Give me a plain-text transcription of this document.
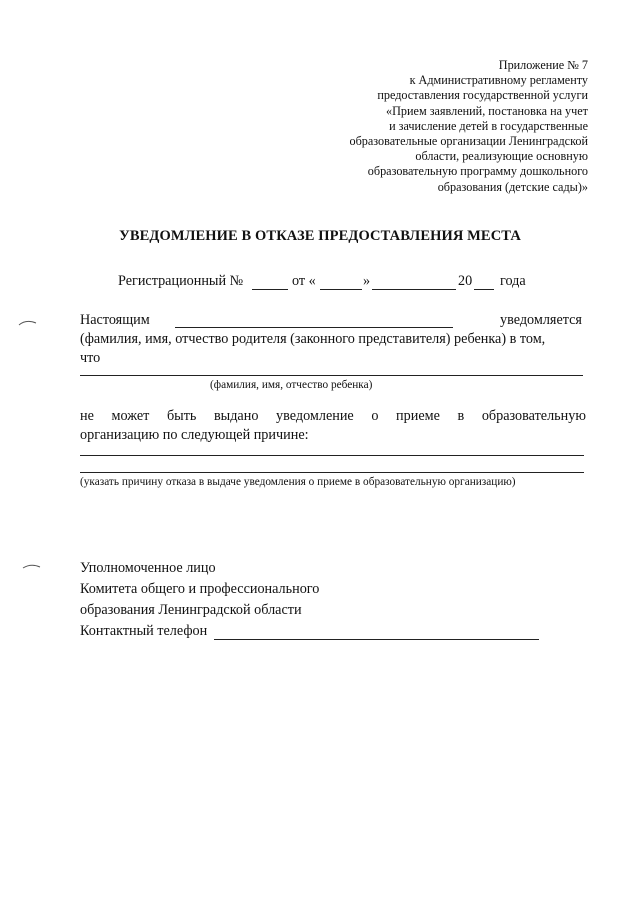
Приложение № 7
к Административному регламенту
предоставления государственной услуги
«Прием заявлений, постановка на учет
и зачисление детей в государственные
образовательные организации Ленинградской
области, реализующие основную
образовательную программу дошкольного
образования (детские сады)»
УВЕДОМЛЕНИЕ В ОТКАЗЕ ПРЕДОСТАВЛЕНИЯ МЕСТА
Регистрационный №	от «	»	20 года
Настоящим	уведомляется
(фамилия, имя, отчество родителя (законного представителя) ребенка) в том,
что
(фамилия, имя, отчество ребенка)
не может быть выдано уведомление о приеме в образовательную
организацию по следующей причине:
(указать причину отказа в выдаче уведомления о приеме в образовательную организацию)
Уполномоченное лицо
Комитета общего и профессионального
образования Ленинградской области
Контактный телефон
